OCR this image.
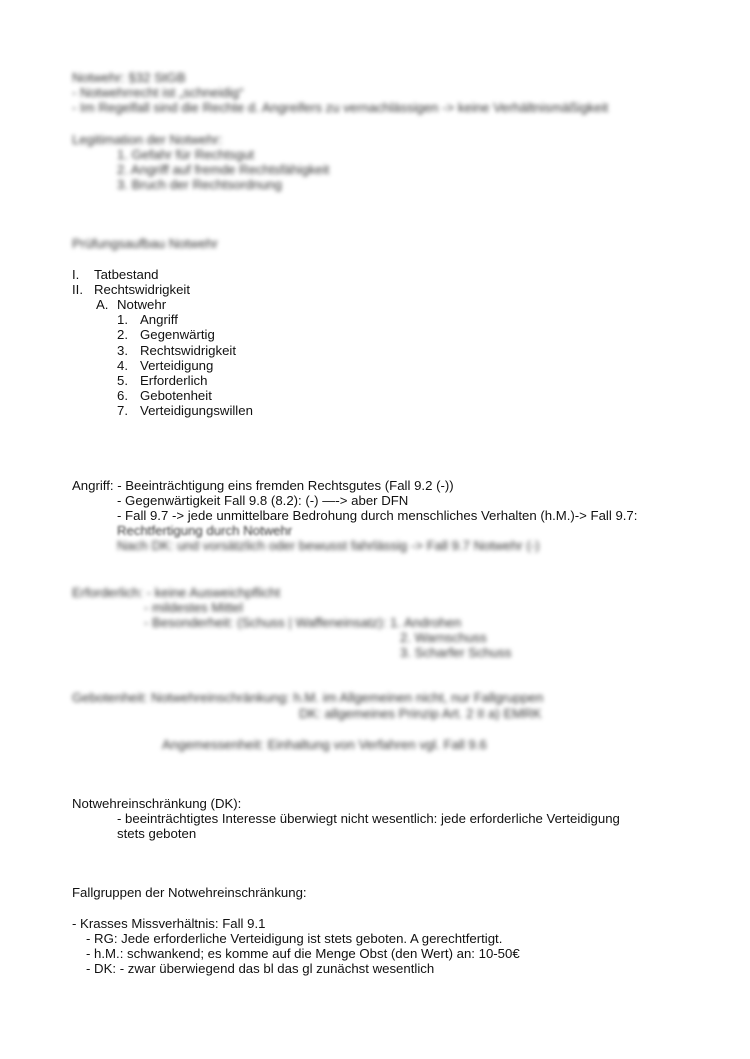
Notwehr: §32 StGB
- Notwehrrecht ist „schneidig“
- Im Regelfall sind die Rechte d. Angreifers zu vernachlässigen -> keine Verhältnismäßigkeit
Legitimation der Notwehr:
1. Gefahr für Rechtsgut
2. Angriff auf fremde Rechtsfähigkeit
3. Bruch der Rechtsordnung
Prüfungsaufbau Notwehr
I. Tatbestand
II. Rechtswidrigkeit
A. Notwehr
1. Angriff
2. Gegenwärtig
3. Rechtswidrigkeit
4. Verteidigung
5. Erforderlich
6. Gebotenheit
7. Verteidigungswillen
Angriff: - Beeinträchtigung eins fremden Rechtsgutes (Fall 9.2 (-))
- Gegenwärtigkeit Fall 9.8 (8.2): (-) —-> aber DFN
- Fall 9.7 -> jede unmittelbare Bedrohung durch menschliches Verhalten (h.M.)-> Fall 9.7:
Rechtfertigung durch Notwehr
Nach DK: und vorsätzlich oder bewusst fahrlässig -> Fall 9.7 Notwehr (-)
Erforderlich: - keine Ausweichpflicht
- mildestes Mittel
- Besonderheit: (Schuss | Waffeneinsatz): 1. Androhen
2. Warnschuss
3. Scharfer Schuss
Gebotenheit: Notwehreinschränkung: h.M. im Allgemeinen nicht, nur Fallgruppen
DK: allgemeines Prinzip Art. 2 II a) EMRK
Angemessenheit: Einhaltung von Verfahren vgl. Fall 9.6
Notwehreinschränkung (DK):
- beeinträchtigtes Interesse überwiegt nicht wesentlich: jede erforderliche Verteidigung
stets geboten
Fallgruppen der Notwehreinschränkung:
- Krasses Missverhältnis: Fall 9.1
- RG: Jede erforderliche Verteidigung ist stets geboten. A gerechtfertigt.
- h.M.: schwankend; es komme auf die Menge Obst (den Wert) an: 10-50€
- DK: - zwar überwiegend das bl das gl zunächst wesentlich
